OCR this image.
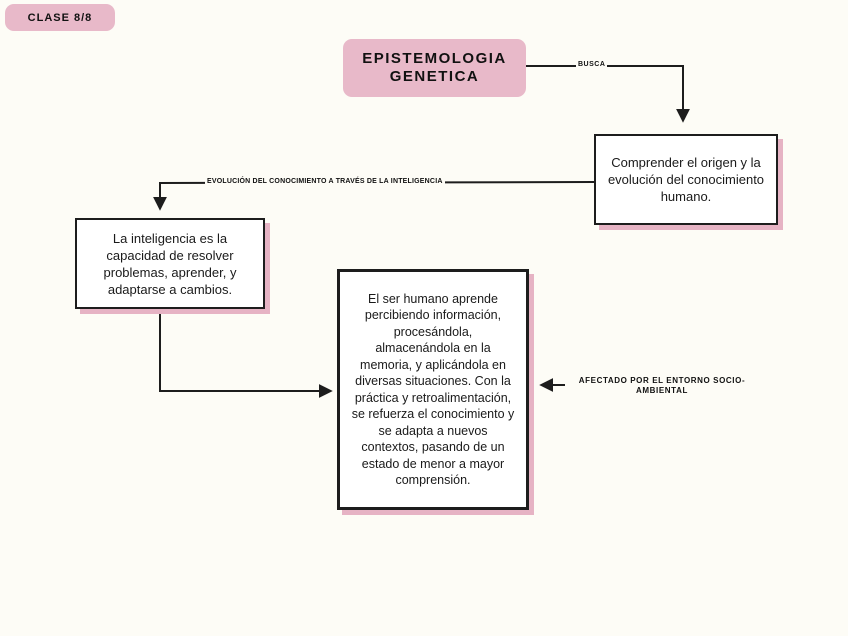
CLASE 8/8
EPISTEMOLOGIA GENETICA
BUSCA
EVOLUCIÓN DEL CONOCIMIENTO A TRAVÉS DE LA INTELIGENCIA
AFECTADO POR EL ENTORNO SOCIO-AMBIENTAL
Comprender el origen y la evolución del conocimiento humano.
La inteligencia es la capacidad de resolver problemas, aprender, y adaptarse a cambios.
El ser humano aprende percibiendo información, procesándola, almacenándola en la memoria, y aplicándola en diversas situaciones. Con la práctica y retroalimentación, se refuerza el conocimiento y se adapta a nuevos contextos, pasando de un estado de menor a mayor comprensión.
